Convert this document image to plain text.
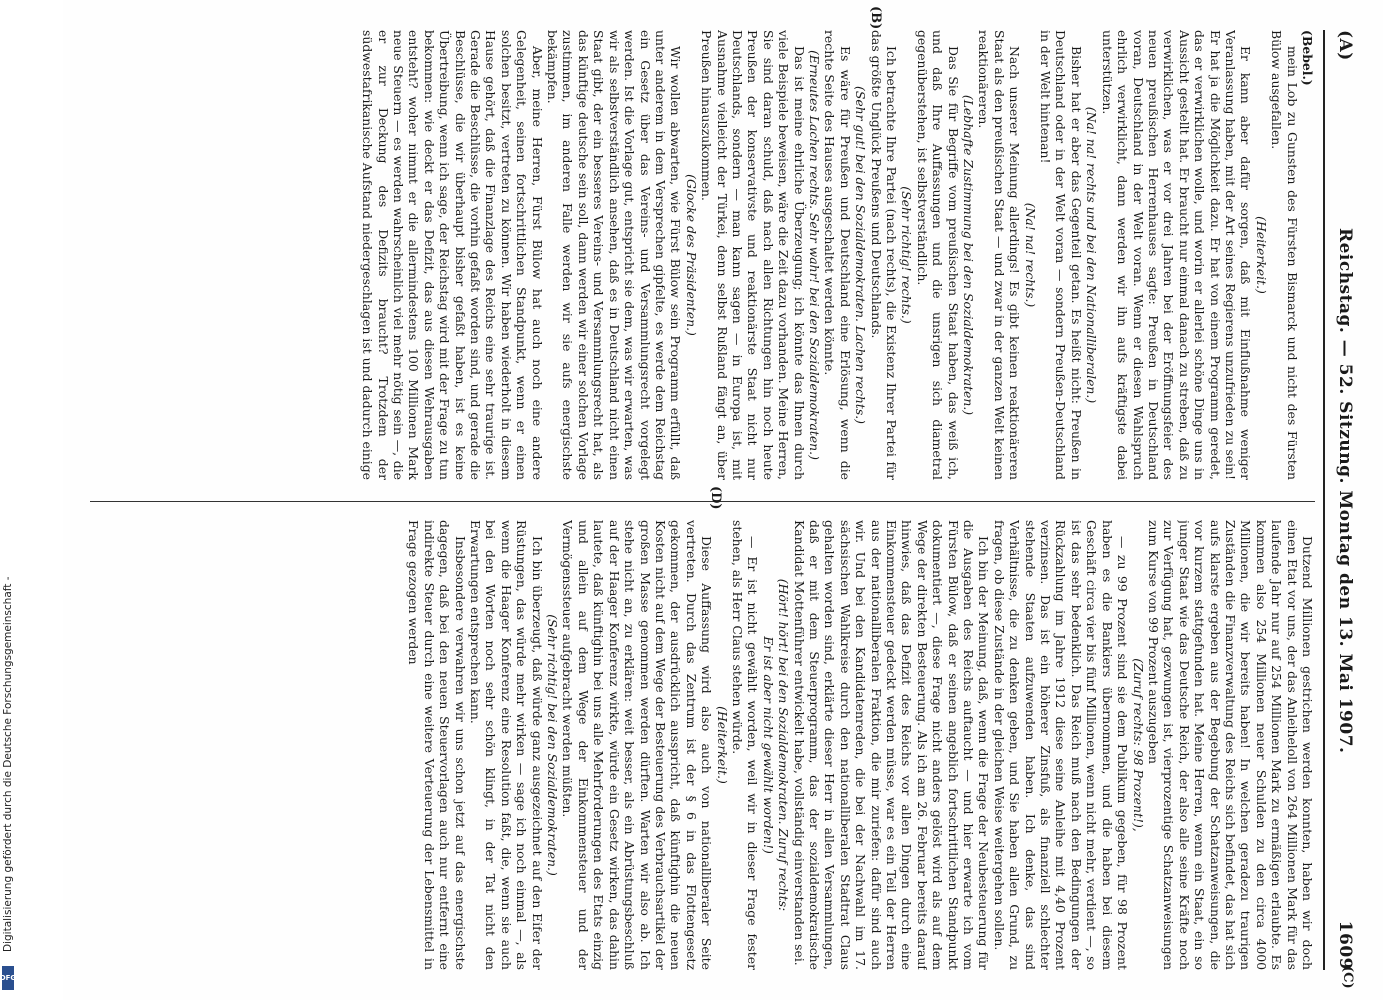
(A)
Reichstag. — 52. Sitzung. Montag den 13. Mai 1907.
1609

(Bebel.)

mein Lob zu Gunsten des Fürsten Bismarck und nicht des Fürsten Bülow ausgefallen.

(Heiterkeit.)

Er kann aber dafür sorgen, daß mit Einflußnahme weniger Veranlassung haben, mit der Art seines Regierens unzufrieden zu sein! Er hat ja die Möglichkeit dazu. Er hat von einem Programm geredet, das er verwirklichen wolle, und worin er allerlei schöne Dinge uns in Aussicht gestellt hat. Er braucht nur einmal danach zu streben, daß zu verwirklichen, was er vor drei Jahren bei der Eröffnungsfeier des neuen preußischen Herrenhauses sagte: Preußen in Deutschland voran, Deutschland in der Welt voran. Wenn er diesen Wahlspruch ehrlich verwirklicht, dann werden wir ihn aufs kräftigste dabei unterstützen.

(Na! na! rechts und bei den Nationalliberalen.)

Bisher hat er aber das Gegenteil getan. Es heißt nicht: Preußen in Deutschland oder in der Welt voran — sondern Preußen-Deutschland in der Welt hintenan!

(Na! na! rechts.)

Nach unserer Meinung allerdings! Es gibt keinen reaktionäreren Staat als den preußischen Staat — und zwar in der ganzen Welt keinen reaktionäreren.

(Lebhafte Zustimmung bei den Sozialdemokraten.)

Das Sie für Begriffe vom preußischen Staat haben, das weiß ich, und daß Ihre Auffassungen und die unsrigen sich diametral gegenüberstehen, ist selbstverständlich.

(Sehr richtig! rechts.)

Ich betrachte Ihre Partei (nach rechts), die Existenz Ihrer Partei für das größte Unglück Preußens und Deutschlands.

(Sehr gut! bei den Sozialdemokraten. Lachen rechts.)

Es wäre für Preußen und Deutschland eine Erlösung, wenn die rechte Seite des Hauses ausgeschaltet werden könnte.

(Erneutes Lachen rechts. Sehr wahr! bei den Sozialdemokraten.)

Das ist meine ehrliche Überzeugung; ich könnte das Ihnen durch viele Beispiele beweisen, wäre die Zeit dazu vorhanden. Meine Herren, Sie sind daran schuld, daß nach allen Richtungen hin noch heute Preußen der konservativste und reaktionärste Staat nicht nur Deutschlands, sondern — man kann sagen — in Europa ist, mit Ausnahme vielleicht der Türkei, denn selbst Rußland fängt an, über Preußen hinauszukommen.

(Glocke des Präsidenten.)

Wir wollen abwarten, wie Fürst Bülow sein Programm erfüllt, daß unter anderem in dem Versprechen gipfelte, es werde dem Reichstag ein Gesetz über das Vereins- und Versammlungsrecht vorgelegt werden. Ist die Vorlage gut, entspricht sie dem, was wir erwarten, was wir als selbstverständlich ansehen, daß es in Deutschland nicht einen Staat gibt, der ein besseres Vereins- und Versammlungsrecht hat, als das künftige deutsche sein soll, dann werden wir einer solchen Vorlage zustimmen, im anderen Falle werden wir sie aufs energischste bekämpfen.

Aber, meine Herren, Fürst Bülow hat auch noch eine andere Gelegenheit, seinen fortschrittlichen Standpunkt, wenn er einen solchen besitzt, vertreten zu können. Wir haben wiederholt in diesem Hause gehört, daß die Finanzlage des Reichs eine sehr traurige ist. Gerade die Beschlüsse, die vorhin gefaßt worden sind, und gerade die Beschlüsse, die wir überhaupt bisher gefaßt haben, ist es keine Übertreibung, wenn ich sage, der Reichstag wird mit der Frage zu tun bekommen: wie deckt er das Defizit, das aus diesen Wehrausgaben entsteht? woher nimmt er die allermindestens 100 Millionen Mark neue Steuern — es werden wahrscheinlich viel mehr nötig sein —, die er zur Deckung des Defizits braucht? Trotzdem der südwestafrikanische Aufstand niedergeschlagen ist und dadurch einige

Dutzend Millionen gestrichen werden konnten, haben wir doch einen Etat vor uns, der das Anleiheloll von 264 Millionen Mark für das laufende Jahr nur auf 254 Millionen Mark zu ermäßigen erlaubte. Es kommen also 254 Millionen neuer Schulden zu den circa 4000 Millionen, die wir bereits haben! In welchen geradezu traurigen Zuständen die Finanzverwaltung des Reichs sich befindet, das hat sich aufs klarste ergeben aus der Begebung der Schatzanweisungen, die vor kurzem stattgefunden hat. Meine Herren, wenn ein Staat, ein so junger Staat wie das Deutsche Reich, der also alle seine Kräfte noch zur Verfügung hat, gezwungen ist, vierprozentige Schatzanweisungen zum Kurse von 99 Prozent auszugeben

(Zuruf rechts: 98 Prozent!),

— zu 99 Prozent sind sie dem Publikum gegeben, für 98 Prozent haben es die Bankiers übernommen, und die haben bei diesem Geschäft circa vier bis fünf Millionen, wenn nicht mehr, verdient —, so ist das sehr bedenklich. Das Reich muß nach den Bedingungen der Rückzahlung im Jahre 1912 diese seine Anleihe mit 4,40 Prozent verzinsen. Das ist ein höherer Zinsfuß, als finanziell schlechter stehende Staaten aufzuwenden haben. Ich denke, das sind Verhältnisse, die zu denken geben, und Sie haben allen Grund, zu fragen, ob diese Zustände in der gleichen Weise weitergehen sollen.

Ich bin der Meinung, daß, wenn die Frage der Neubesteuerung für die Ausgaben des Reichs auftaucht — und hier erwarte ich vom Fürsten Bülow, daß er seinen angeblich fortschrittlichen Standpunkt dokumentiert —, diese Frage nicht anders gelöst wird als auf dem Wege der direkten Besteuerung. Als ich am 26. Februar bereits darauf hinwies, daß das Defizit des Reichs vor allen Dingen durch eine Einkommensteuer gedeckt werden müsse, war es ein Teil der Herren aus der nationalliberalen Fraktion, die mir zuriefen: dafür sind auch wir. Und bei den Kandidatenreden, die bei der Nachwahl im 17. sächsischen Wahlkreise durch den nationalliberalen Stadtrat Claus gehalten worden sind, erklärte dieser Herr in allen Versammlungen, daß er mit dem Steuerprogramm, das der sozialdemokratische Kandidat Mottenführer entwickelt habe, vollständig einverstanden sei.

(Hört! hört! bei den Sozialdemokraten. Zuruf rechts:

Er ist aber nicht gewählt worden!)

— Er ist nicht gewählt worden, weil wir in dieser Frage fester stehen, als Herr Claus stehen würde.

(Heiterkeit.)

Diese Auffassung wird also auch von nationalliberaler Seite vertreten. Durch das Zentrum ist der § 6 in das Flottengesetz gekommen, der ausdrücklich ausspricht, daß künftighin die neuen Kosten nicht auf dem Wege der Besteuerung des Verbrauchsartikel der großen Masse genommen werden dürften. Warten wir also ab. Ich stehe nicht an, zu erklären: weit besser, als ein Abrüstungsbeschluß auf der Haager Konferenz wirkte, würde ein Gesetz wirken, das dahin lautete, daß künftighin bei uns alle Mehrforderungen des Etats einzig und allein auf dem Wege der Einkommensteuer und der Vermögenssteuer aufgebracht werden müßten.

(Sehr richtig! bei den Sozialdemokraten.)

Ich bin überzeugt, daß würde ganz ausgezeichnet auf den Eifer der Rüstungen, das würde mehr wirken — sage ich noch einmal —, als wenn die Haager Konferenz eine Resolution faßt, die, wenn sie auch bei den Worten noch sehr schön klingt, in der Tat nicht den Erwartungen entsprechen kann.

Insbesondere verwahren wir uns schon jetzt auf das energischste dagegen, daß bei den neuen Steuervorlagen auch nur entfernt eine indirekte Steuer durch eine weitere Verteuerung der Lebensmittel in Frage gezogen werden

(B)
(C)
(D)
Digitalisierung gefördert durch die Deutsche Forschungsgemeinschaft -
DFG
